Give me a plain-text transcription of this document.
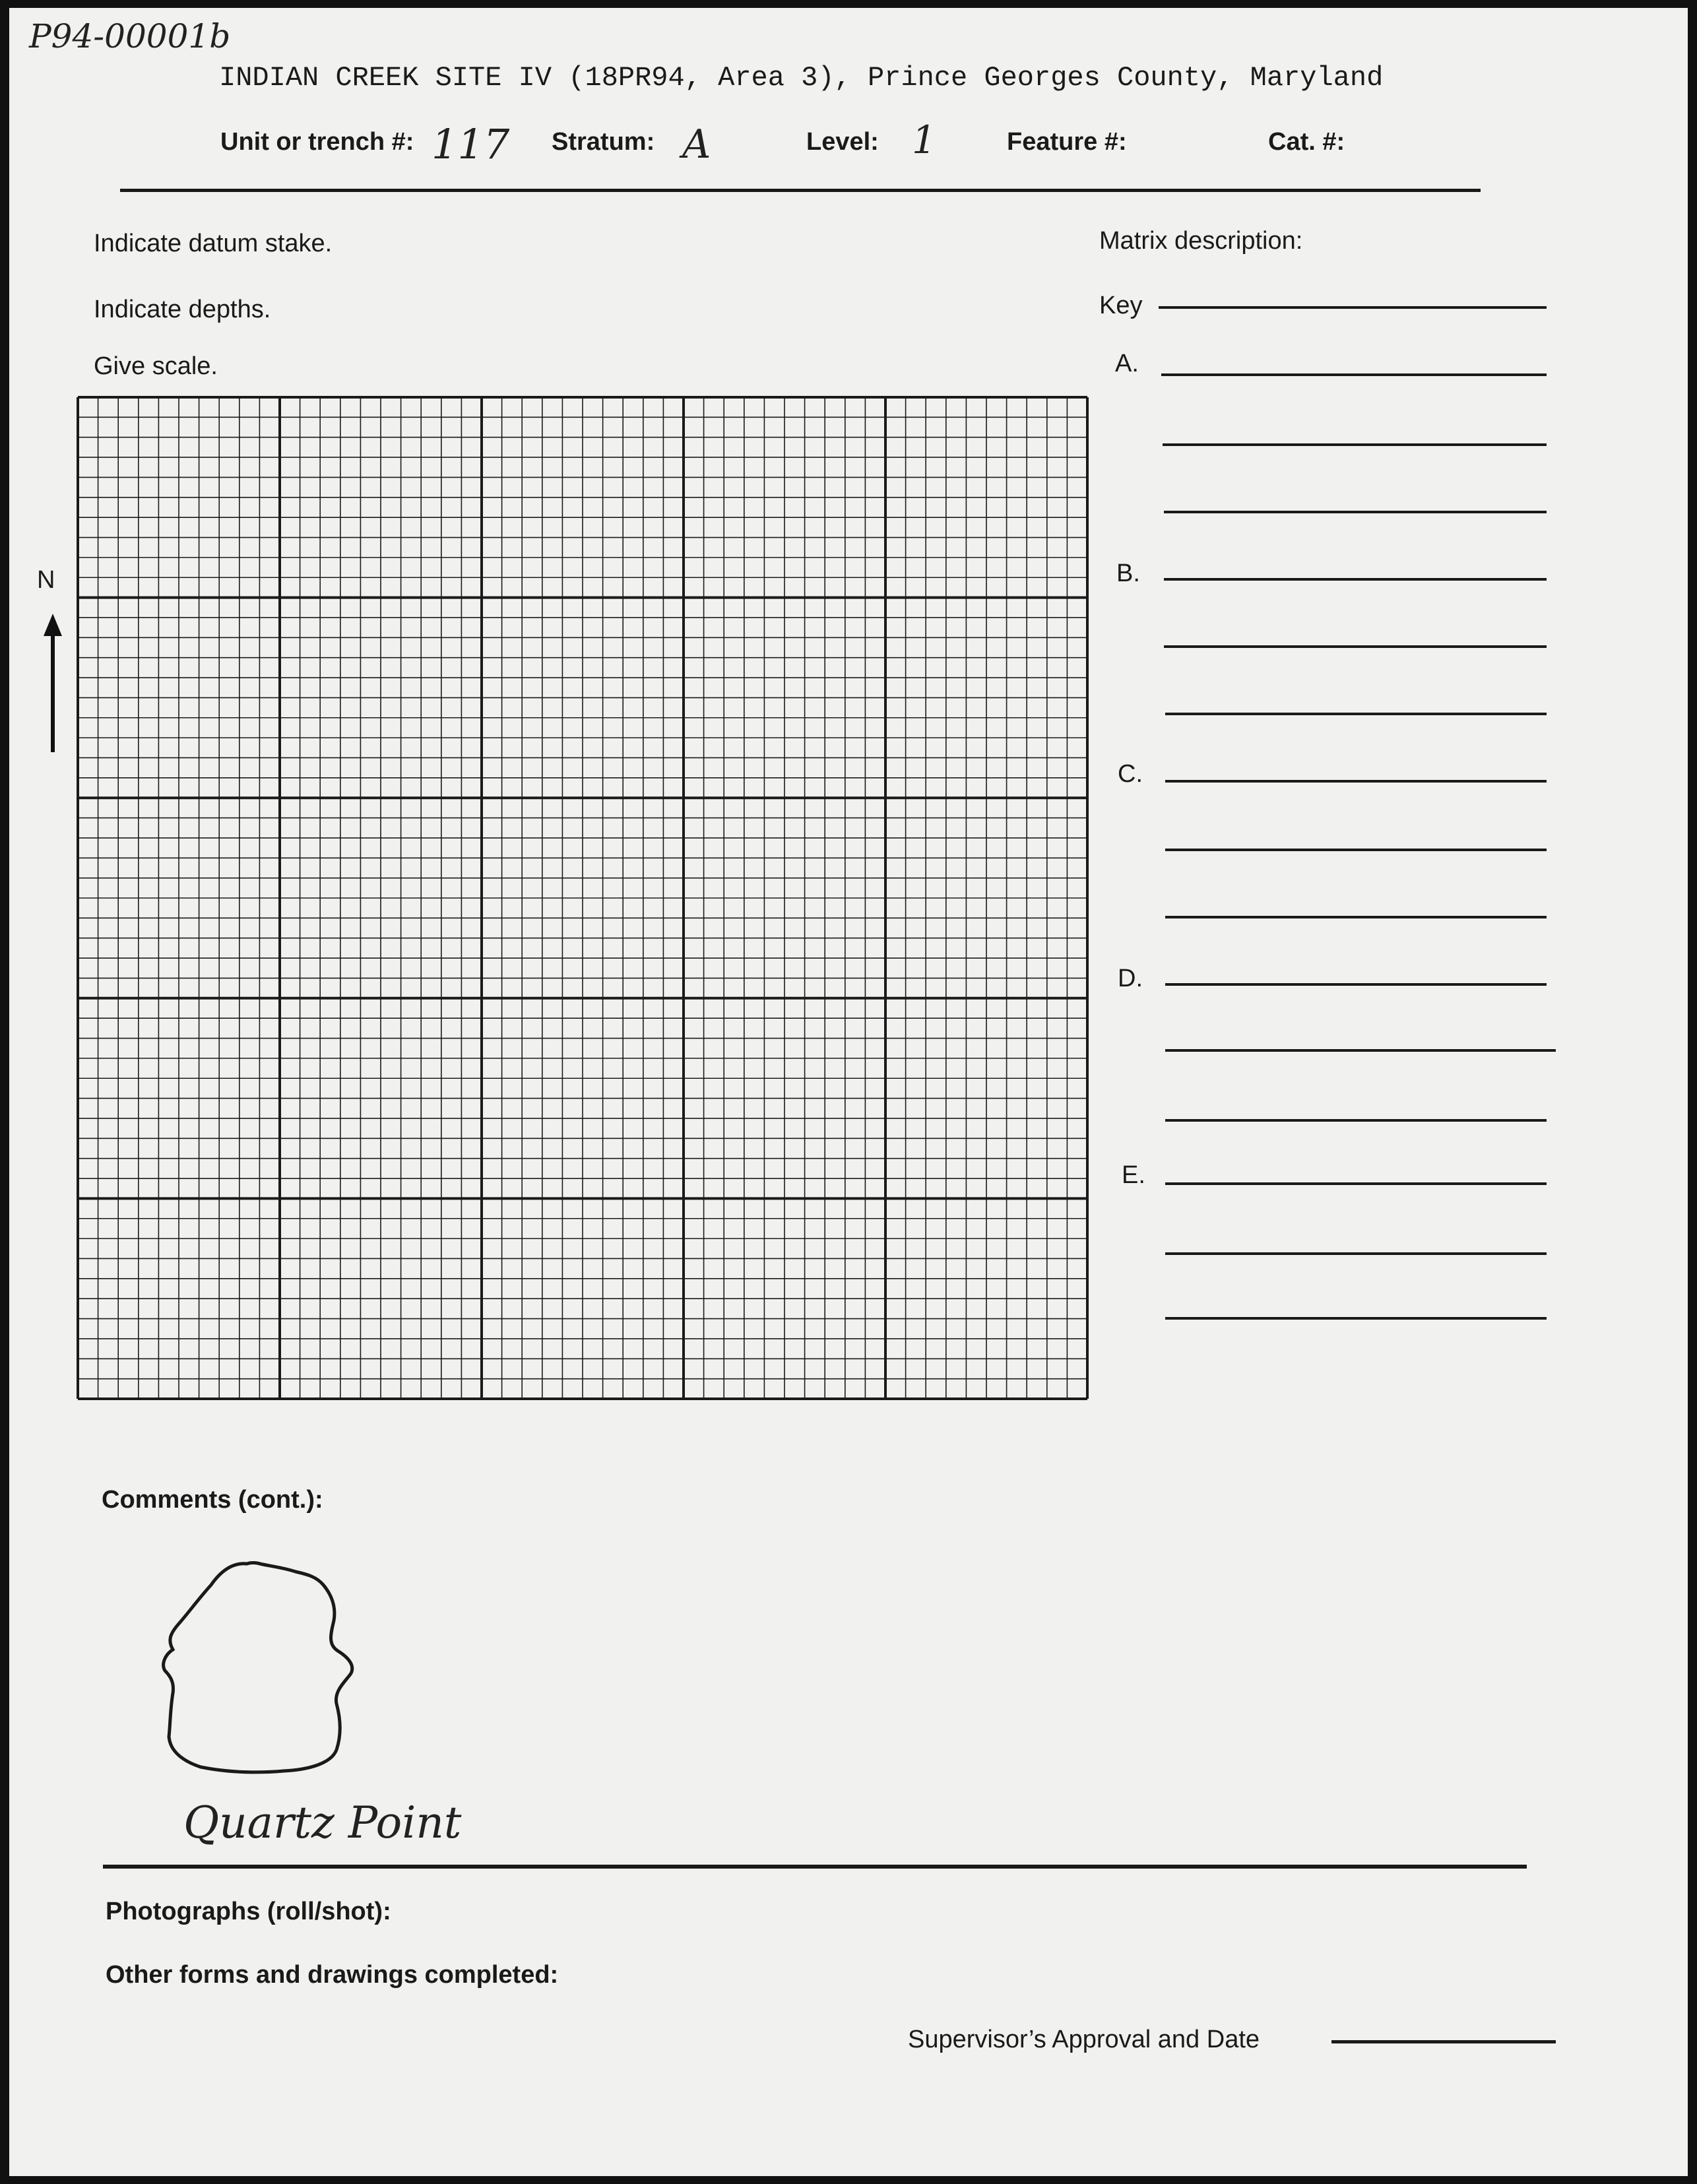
P94-00001b
INDIAN CREEK SITE IV (18PR94, Area 3), Prince Georges County, Maryland
Unit or trench #: 117 Stratum: A	Level: 1	Feature #:	Cat. #:
Indicate datum stake.
Indicate depths.
Give scale.
N
Matrix description:
Key
A.
B.
C.
D.
E.
Comments (cont.):
Quartz Point
Photographs (roll/shot):
Other forms and drawings completed:
Supervisor’s Approval and Date
